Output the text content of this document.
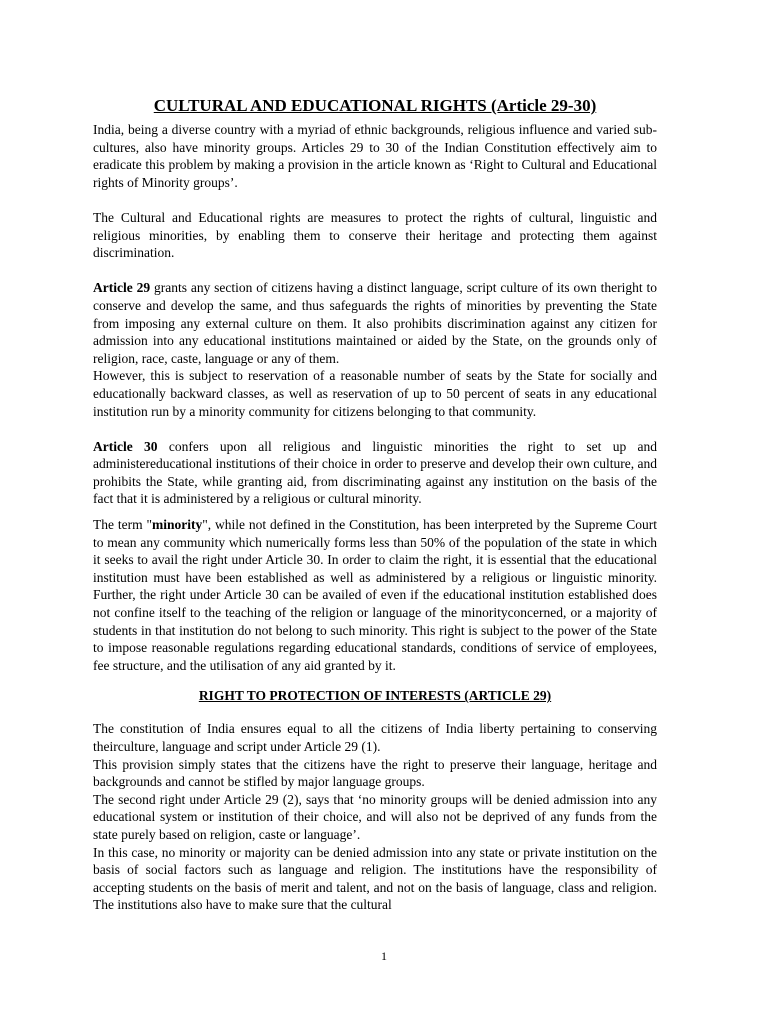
CULTURAL AND EDUCATIONAL RIGHTS (Article 29-30)

India, being a diverse country with a myriad of ethnic backgrounds, religious influence and varied sub-cultures, also have minority groups. Articles 29 to 30 of the Indian Constitution effectively aim to eradicate this problem by making a provision in the article known as ‘Right to Cultural and Educational rights of Minority groups’.

The Cultural and Educational rights are measures to protect the rights of cultural, linguistic and religious minorities, by enabling them to conserve their heritage and protecting them against discrimination.

Article 29 grants any section of citizens having a distinct language, script culture of its own theright to conserve and develop the same, and thus safeguards the rights of minorities by preventing the State from imposing any external culture on them. It also prohibits discrimination against any citizen for admission into any educational institutions maintained or aided by the State, on the grounds only of religion, race, caste, language or any of them.

However, this is subject to reservation of a reasonable number of seats by the State for socially and educationally backward classes, as well as reservation of up to 50 percent of seats in any educational institution run by a minority community for citizens belonging to that community.

Article 30 confers upon all religious and linguistic minorities the right to set up and administereducational institutions of their choice in order to preserve and develop their own culture, and prohibits the State, while granting aid, from discriminating against any institution on the basis of the fact that it is administered by a religious or cultural minority.

The term "minority", while not defined in the Constitution, has been interpreted by the Supreme Court to mean any community which numerically forms less than 50% of the population of the state in which it seeks to avail the right under Article 30. In order to claim the right, it is essential that the educational institution must have been established as well as administered by a religious or linguistic minority. Further, the right under Article 30 can be availed of even if the educational institution established does not confine itself to the teaching of the religion or language of the minorityconcerned, or a majority of students in that institution do not belong to such minority. This right is subject to the power of the State to impose reasonable regulations regarding educational standards, conditions of service of employees, fee structure, and the utilisation of any aid granted by it.

RIGHT TO PROTECTION OF INTERESTS (ARTICLE 29)

The constitution of India ensures equal to all the citizens of India liberty pertaining to conserving theirculture, language and script under Article 29 (1).

This provision simply states that the citizens have the right to preserve their language, heritage and backgrounds and cannot be stifled by major language groups.

The second right under Article 29 (2), says that ‘no minority groups will be denied admission into any educational system or institution of their choice, and will also not be deprived of any funds from the state purely based on religion, caste or language’.

In this case, no minority or majority can be denied admission into any state or private institution on the basis of social factors such as language and religion. The institutions have the responsibility of accepting students on the basis of merit and talent, and not on the basis of language, class and religion. The institutions also have to make sure that the cultural

1
